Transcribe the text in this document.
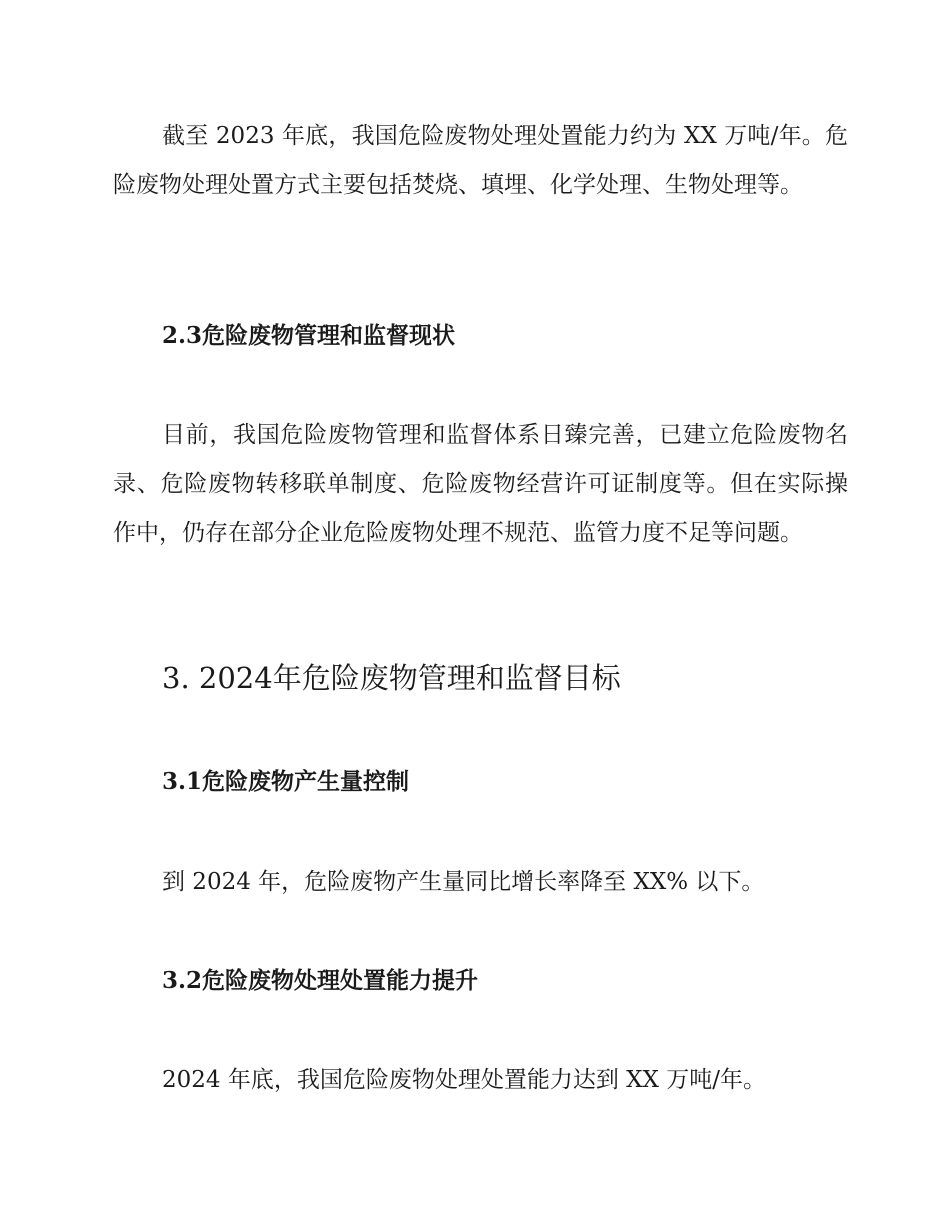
截至 2023 年底，我国危险废物处理处置能力约为 XX 万吨/年。危险废物处理处置方式主要包括焚烧、填埋、化学处理、生物处理等。

2.3危险废物管理和监督现状

目前，我国危险废物管理和监督体系日臻完善，已建立危险废物名录、危险废物转移联单制度、危险废物经营许可证制度等。但在实际操作中，仍存在部分企业危险废物处理不规范、监管力度不足等问题。

3. 2024年危险废物管理和监督目标
3.1危险废物产生量控制

到 2024 年，危险废物产生量同比增长率降至 XX% 以下。

3.2危险废物处理处置能力提升

2024 年底，我国危险废物处理处置能力达到 XX 万吨/年。
